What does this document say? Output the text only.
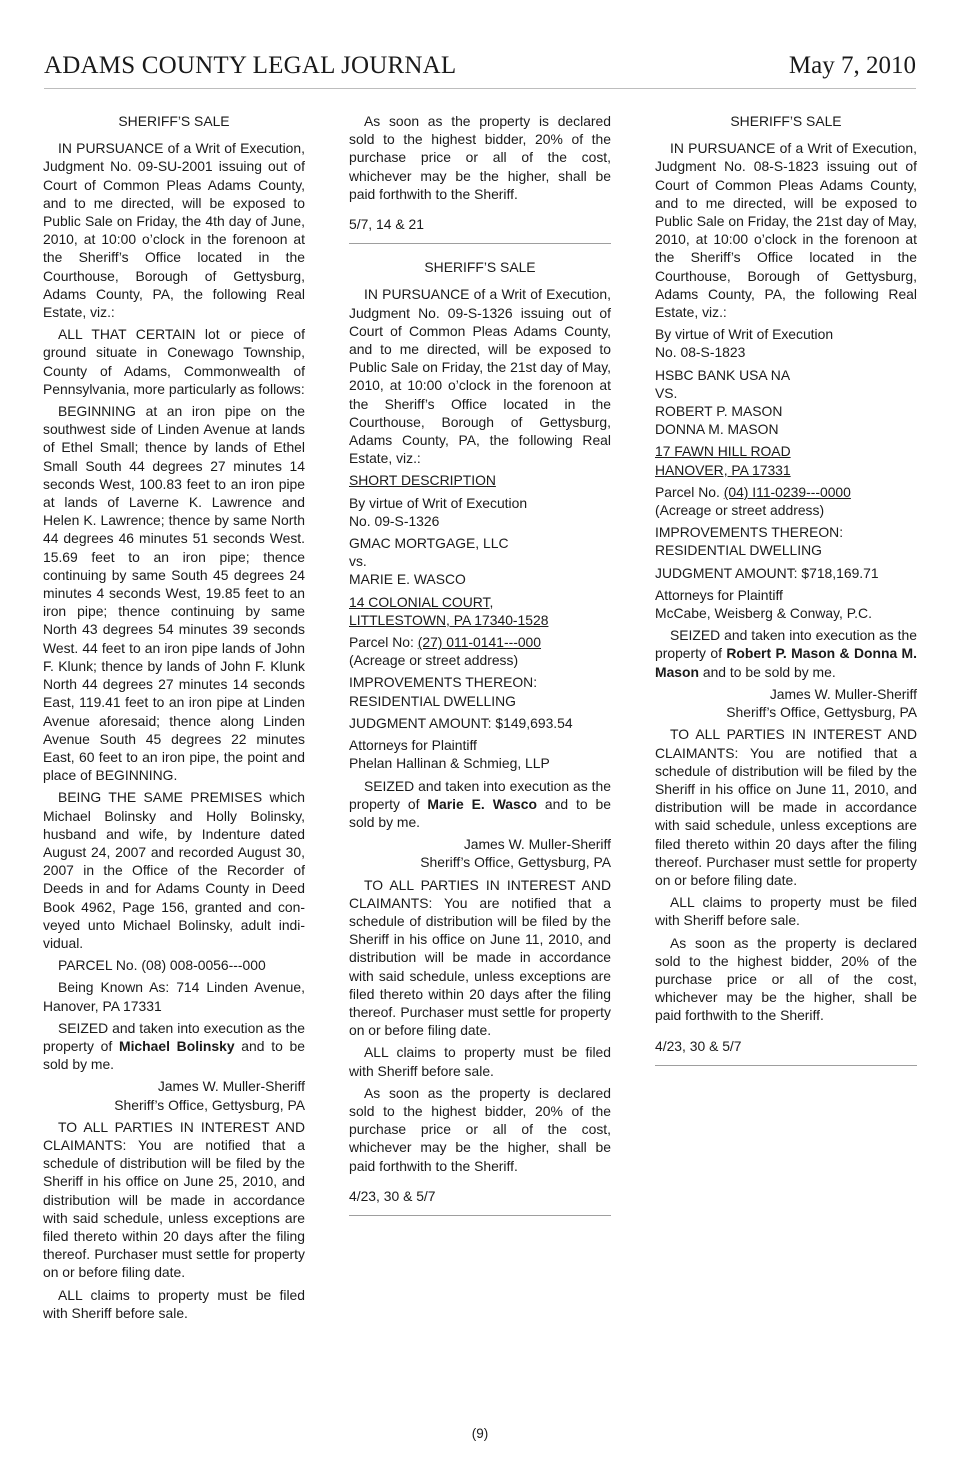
ADAMS COUNTY LEGAL JOURNAL	May 7, 2010

SHERIFF’S SALE

IN PURSUANCE of a Writ of Execution, Judgment No. 09-SU-2001 issuing out of Court of Common Pleas Adams County, and to me directed, will be exposed to Public Sale on Friday, the 4th day of June, 2010, at 10:00 o’clock in the forenoon at the Sheriff’s Office located in the Courthouse, Borough of Gettysburg, Adams County, PA, the following Real Estate, viz.:

ALL THAT CERTAIN lot or piece of ground situate in Conewago Township, County of Adams, Commonwealth of Pennsylvania, more particularly as follows:

BEGINNING at an iron pipe on the southwest side of Linden Avenue at lands of Ethel Small; thence by lands of Ethel Small South 44 degrees 27 minutes 14 seconds West, 100.83 feet to an iron pipe at lands of Laverne K. Lawrence and Helen K. Lawrence; thence by same North 44 degrees 46 minutes 51 seconds West. 15.69 feet to an iron pipe; thence continuing by same South 45 degrees 24 minutes 4 seconds West, 19.85 feet to an iron pipe; thence continuing by same North 43 degrees 54 minutes 39 seconds West. 44 feet to an iron pipe lands of John F. Klunk; thence by lands of John F. Klunk North 44 degrees 27 minutes 14 seconds East, 119.41 feet to an iron pipe at Linden Avenue aforesaid; thence along Linden Avenue South 45 degrees 22 minutes East, 60 feet to an iron pipe, the point and place of BEGINNING.

BEING THE SAME PREMISES which Michael Bolinsky and Holly Bolinsky, husband and wife, by Indenture dated August 24, 2007 and recorded August 30, 2007 in the Office of the Recorder of Deeds in and for Adams County in Deed Book 4962, Page 156, granted and conveyed unto Michael Bolinsky, adult individual.

PARCEL No. (08) 008-0056---000

Being Known As: 714 Linden Avenue, Hanover, PA 17331

SEIZED and taken into execution as the property of Michael Bolinsky and to be sold by me.

James W. Muller-Sheriff

Sheriff’s Office, Gettysburg, PA

TO ALL PARTIES IN INTEREST AND CLAIMANTS: You are notified that a schedule of distribution will be filed by the Sheriff in his office on June 25, 2010, and distribution will be made in accordance with said schedule, unless exceptions are filed thereto within 20 days after the filing thereof. Purchaser must settle for property on or before filing date.

ALL claims to property must be filed with Sheriff before sale.

As soon as the property is declared sold to the highest bidder, 20% of the purchase price or all of the cost, whichever may be the higher, shall be paid forthwith to the Sheriff.

5/7, 14 & 21

SHERIFF’S SALE

IN PURSUANCE of a Writ of Execution, Judgment No. 09-S-1326 issuing out of Court of Common Pleas Adams County, and to me directed, will be exposed to Public Sale on Friday, the 21st day of May, 2010, at 10:00 o’clock in the forenoon at the Sheriff’s Office located in the Courthouse, Borough of Gettysburg, Adams County, PA, the following Real Estate, viz.:

SHORT DESCRIPTION

By virtue of Writ of Execution

No. 09-S-1326

GMAC MORTGAGE, LLC

vs.

MARIE E. WASCO

14 COLONIAL COURT,

LITTLESTOWN, PA 17340-1528

Parcel No: (27) 011-0141---000

(Acreage or street address)

IMPROVEMENTS THEREON:

RESIDENTIAL DWELLING

JUDGMENT AMOUNT: $149,693.54

Attorneys for Plaintiff

Phelan Hallinan & Schmieg, LLP

SEIZED and taken into execution as the property of Marie E. Wasco and to be sold by me.

James W. Muller-Sheriff

Sheriff’s Office, Gettysburg, PA

TO ALL PARTIES IN INTEREST AND CLAIMANTS: You are notified that a schedule of distribution will be filed by the Sheriff in his office on June 11, 2010, and distribution will be made in accordance with said schedule, unless exceptions are filed thereto within 20 days after the filing thereof. Purchaser must settle for property on or before filing date.

ALL claims to property must be filed with Sheriff before sale.

As soon as the property is declared sold to the highest bidder, 20% of the purchase price or all of the cost, whichever may be the higher, shall be paid forthwith to the Sheriff.

4/23, 30 & 5/7

SHERIFF’S SALE

IN PURSUANCE of a Writ of Execution, Judgment No. 08-S-1823 issuing out of Court of Common Pleas Adams County, and to me directed, will be exposed to Public Sale on Friday, the 21st day of May, 2010, at 10:00 o’clock in the forenoon at the Sheriff’s Office located in the Courthouse, Borough of Gettysburg, Adams County, PA, the following Real Estate, viz.:

By virtue of Writ of Execution

No. 08-S-1823

HSBC BANK USA NA

VS.

ROBERT P. MASON

DONNA M. MASON

17 FAWN HILL ROAD

HANOVER, PA 17331

Parcel No. (04) I11-0239---0000

(Acreage or street address)

IMPROVEMENTS THEREON:

RESIDENTIAL DWELLING

JUDGMENT AMOUNT: $718,169.71

Attorneys for Plaintiff

McCabe, Weisberg & Conway, P.C.

SEIZED and taken into execution as the property of Robert P. Mason & Donna M. Mason and to be sold by me.

James W. Muller-Sheriff

Sheriff’s Office, Gettysburg, PA

TO ALL PARTIES IN INTEREST AND CLAIMANTS: You are notified that a schedule of distribution will be filed by the Sheriff in his office on June 11, 2010, and distribution will be made in accordance with said schedule, unless exceptions are filed thereto within 20 days after the filing thereof. Purchaser must settle for property on or before filing date.

ALL claims to property must be filed with Sheriff before sale.

As soon as the property is declared sold to the highest bidder, 20% of the purchase price or all of the cost, whichever may be the higher, shall be paid forthwith to the Sheriff.

4/23, 30 & 5/7

(9)
